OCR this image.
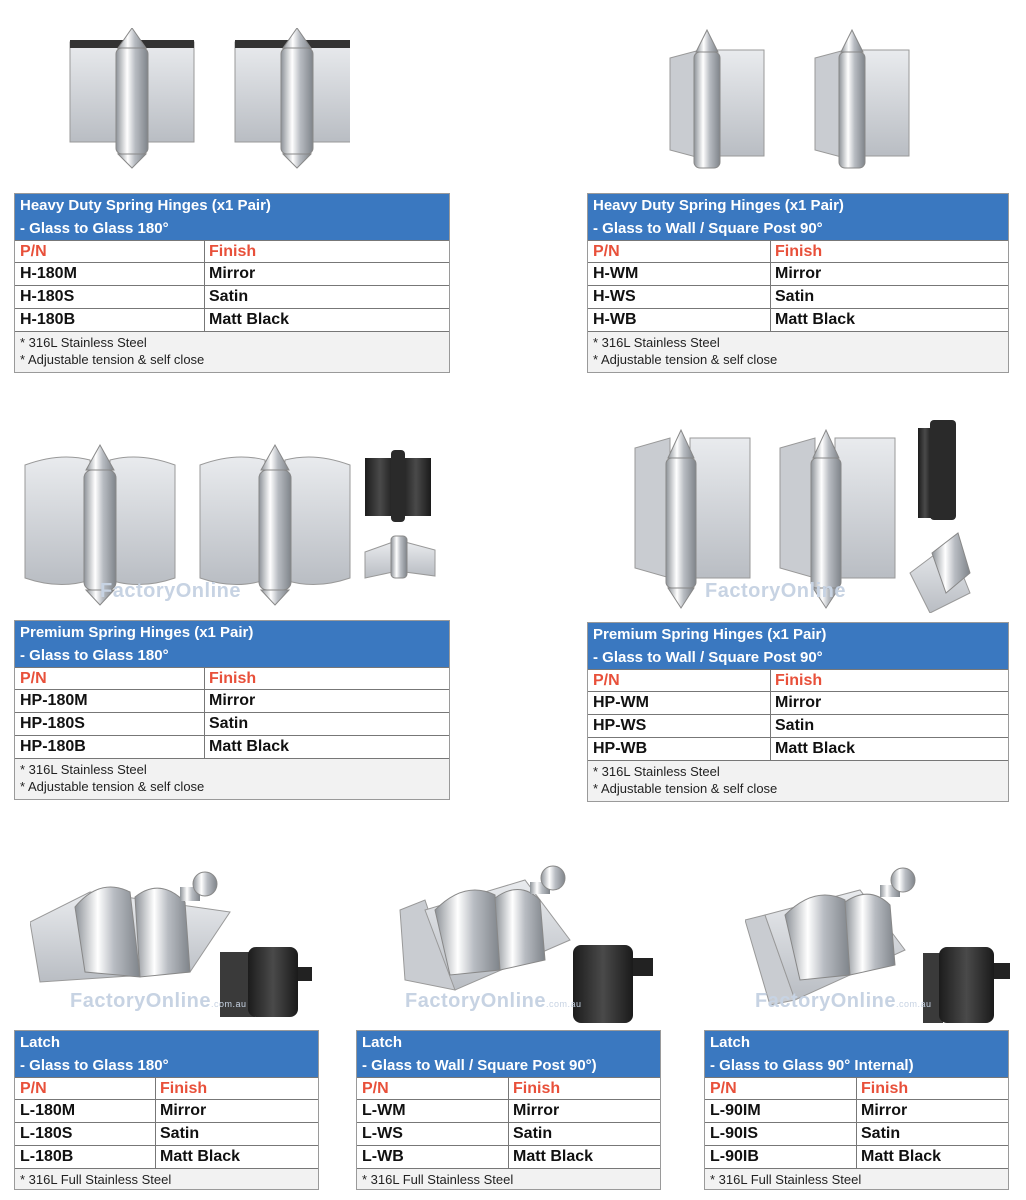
Heavy Duty Spring Hinges (x1 Pair)
- Glass to Glass 180°
P/N	Finish
H-180M	Mirror
H-180S	Satin
H-180B	Matt Black
* 316L Stainless Steel
* Adjustable tension & self close
Heavy Duty Spring Hinges (x1 Pair)
- Glass to Wall / Square Post 90°
P/N	Finish
H-WM	Mirror
H-WS	Satin
H-WB	Matt Black
* 316L Stainless Steel
* Adjustable tension & self close
FactoryOnline
Premium Spring Hinges (x1 Pair)
- Glass to Glass 180°
P/N	Finish
HP-180M	Mirror
HP-180S	Satin
HP-180B	Matt Black
* 316L Stainless Steel
* Adjustable tension & self close
FactoryOnline
Premium Spring Hinges (x1 Pair)
- Glass to Wall / Square Post 90°
P/N	Finish
HP-WM	Mirror
HP-WS	Satin
HP-WB	Matt Black
* 316L Stainless Steel
* Adjustable tension & self close
FactoryOnline.com.au
Latch
- Glass to Glass 180°
P/N	Finish
L-180M	Mirror
L-180S	Satin
L-180B	Matt Black
* 316L Full Stainless Steel
FactoryOnline.com.au
Latch
- Glass to Wall / Square Post 90°)
P/N	Finish
L-WM	Mirror
L-WS	Satin
L-WB	Matt Black
* 316L Full Stainless Steel
FactoryOnline.com.au
Latch
- Glass to Glass 90° Internal)
P/N	Finish
L-90IM	Mirror
L-90IS	Satin
L-90IB	Matt Black
* 316L Full Stainless Steel
